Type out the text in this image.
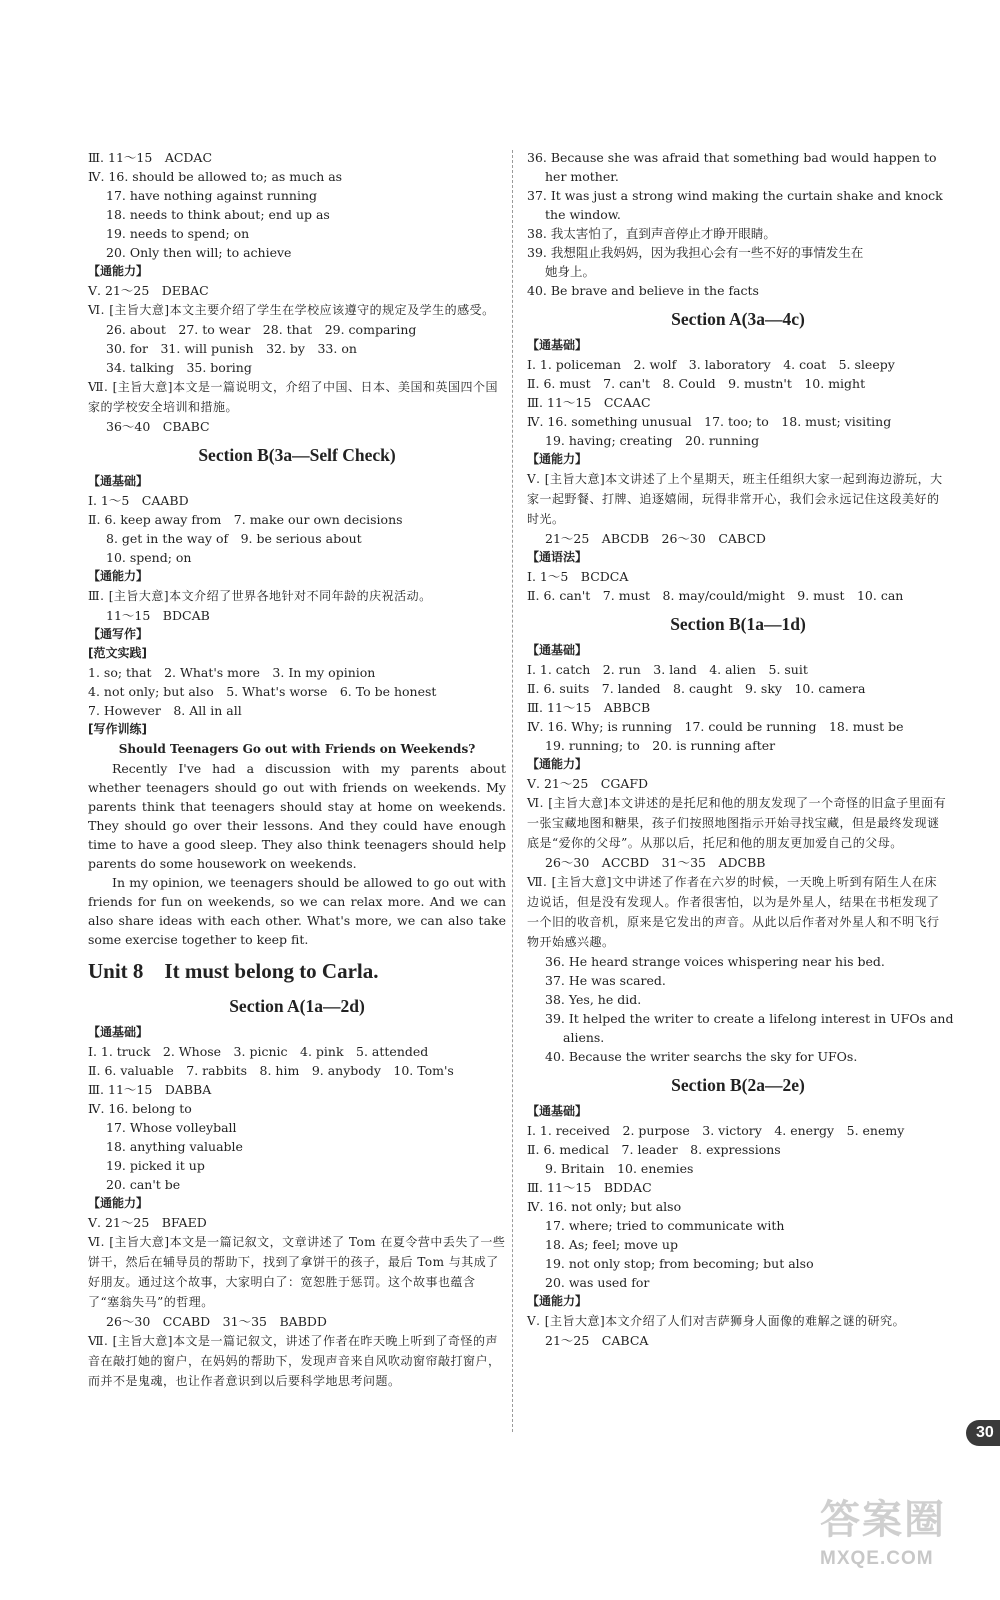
Ⅲ. 11～15　ACDAC
Ⅳ. 16. should be allowed to; as much as
17. have nothing against running
18. needs to think about; end up as
19. needs to spend; on
20. Only then will; to achieve
【通能力】
Ⅴ. 21～25　DEBAC
Ⅵ. [主旨大意]本文主要介绍了学生在学校应该遵守的规定及学生的感受。
26. about　27. to wear　28. that　29. comparing
30. for　31. will punish　32. by　33. on
34. talking　35. boring
Ⅶ. [主旨大意]本文是一篇说明文，介绍了中国、日本、美国和英国四个国家的学校安全培训和措施。
36～40　CBABC
Section B(3a—Self Check)
【通基础】
Ⅰ. 1～5　CAABD
Ⅱ. 6. keep away from　7. make our own decisions
8. get in the way of　9. be serious about
10. spend; on
【通能力】
Ⅲ. [主旨大意]本文介绍了世界各地针对不同年龄的庆祝活动。
11～15　BDCAB
【通写作】
[范文实践]
1. so; that　2. What's more　3. In my opinion
4. not only; but also　5. What's worse　6. To be honest
7. However　8. All in all
[写作训练]
Should Teenagers Go out with Friends on Weekends?
Recently I've had a discussion with my parents about whether teenagers should go out with friends on weekends. My parents think that teenagers should stay at home on weekends. They should go over their lessons. And they could have enough time to have a good sleep. They also think teenagers should help parents do some housework on weekends.
In my opinion, we teenagers should be allowed to go out with friends for fun on weekends, so we can relax more. And we can also share ideas with each other. What's more, we can also take some exercise together to keep fit.
Unit 8　It must belong to Carla.
Section A(1a—2d)
【通基础】
Ⅰ. 1. truck　2. Whose　3. picnic　4. pink　5. attended
Ⅱ. 6. valuable　7. rabbits　8. him　9. anybody　10. Tom's
Ⅲ. 11～15　DABBA
Ⅳ. 16. belong to
17. Whose volleyball
18. anything valuable
19. picked it up
20. can't be
【通能力】
Ⅴ. 21～25　BFAED
Ⅵ. [主旨大意]本文是一篇记叙文，文章讲述了 Tom 在夏令营中丢失了一些饼干，然后在辅导员的帮助下，找到了拿饼干的孩子，最后 Tom 与其成了好朋友。通过这个故事，大家明白了：宽恕胜于惩罚。这个故事也蕴含了“塞翁失马”的哲理。
26～30　CCABD　31～35　BABDD
Ⅶ. [主旨大意]本文是一篇记叙文，讲述了作者在昨天晚上听到了奇怪的声音在敲打她的窗户，在妈妈的帮助下，发现声音来自风吹动窗帘敲打窗户，而并不是鬼魂，也让作者意识到以后要科学地思考问题。
36. Because she was afraid that something bad would happen to
her mother.
37. It was just a strong wind making the curtain shake and knock
the window.
38. 我太害怕了，直到声音停止才睁开眼睛。
39. 我想阻止我妈妈，因为我担心会有一些不好的事情发生在
她身上。
40. Be brave and believe in the facts
Section A(3a—4c)
【通基础】
Ⅰ. 1. policeman　2. wolf　3. laboratory　4. coat　5. sleepy
Ⅱ. 6. must　7. can't　8. Could　9. mustn't　10. might
Ⅲ. 11～15　CCAAC
Ⅳ. 16. something unusual　17. too; to　18. must; visiting
19. having; creating　20. running
【通能力】
Ⅴ. [主旨大意]本文讲述了上个星期天，班主任组织大家一起到海边游玩，大家一起野餐、打牌、追逐嬉闹，玩得非常开心，我们会永远记住这段美好的时光。
21～25　ABCDB　26～30　CABCD
【通语法】
Ⅰ. 1～5　BCDCA
Ⅱ. 6. can't　7. must　8. may/could/might　9. must　10. can
Section B(1a—1d)
【通基础】
Ⅰ. 1. catch　2. run　3. land　4. alien　5. suit
Ⅱ. 6. suits　7. landed　8. caught　9. sky　10. camera
Ⅲ. 11～15　ABBCB
Ⅳ. 16. Why; is running　17. could be running　18. must be
19. running; to　20. is running after
【通能力】
Ⅴ. 21～25　CGAFD
Ⅵ. [主旨大意]本文讲述的是托尼和他的朋友发现了一个奇怪的旧盒子里面有一张宝藏地图和糖果，孩子们按照地图指示开始寻找宝藏，但是最终发现谜底是“爱你的父母”。从那以后，托尼和他的朋友更加爱自己的父母。
26～30　ACCBD　31～35　ADCBB
Ⅶ. [主旨大意]文中讲述了作者在六岁的时候，一天晚上听到有陌生人在床边说话，但是没有发现人。作者很害怕，以为是外星人，结果在书柜发现了一个旧的收音机，原来是它发出的声音。从此以后作者对外星人和不明飞行物开始感兴趣。
36. He heard strange voices whispering near his bed.
37. He was scared.
38. Yes, he did.
39. It helped the writer to create a lifelong interest in UFOs and
aliens.
40. Because the writer searchs the sky for UFOs.
Section B(2a—2e)
【通基础】
Ⅰ. 1. received　2. purpose　3. victory　4. energy　5. enemy
Ⅱ. 6. medical　7. leader　8. expressions
9. Britain　10. enemies
Ⅲ. 11～15　BDDAC
Ⅳ. 16. not only; but also
17. where; tried to communicate with
18. As; feel; move up
19. not only stop; from becoming; but also
20. was used for
【通能力】
Ⅴ. [主旨大意]本文介绍了人们对吉萨狮身人面像的难解之谜的研究。
21～25　CABCA
30
答案圈
MXQE.COM
